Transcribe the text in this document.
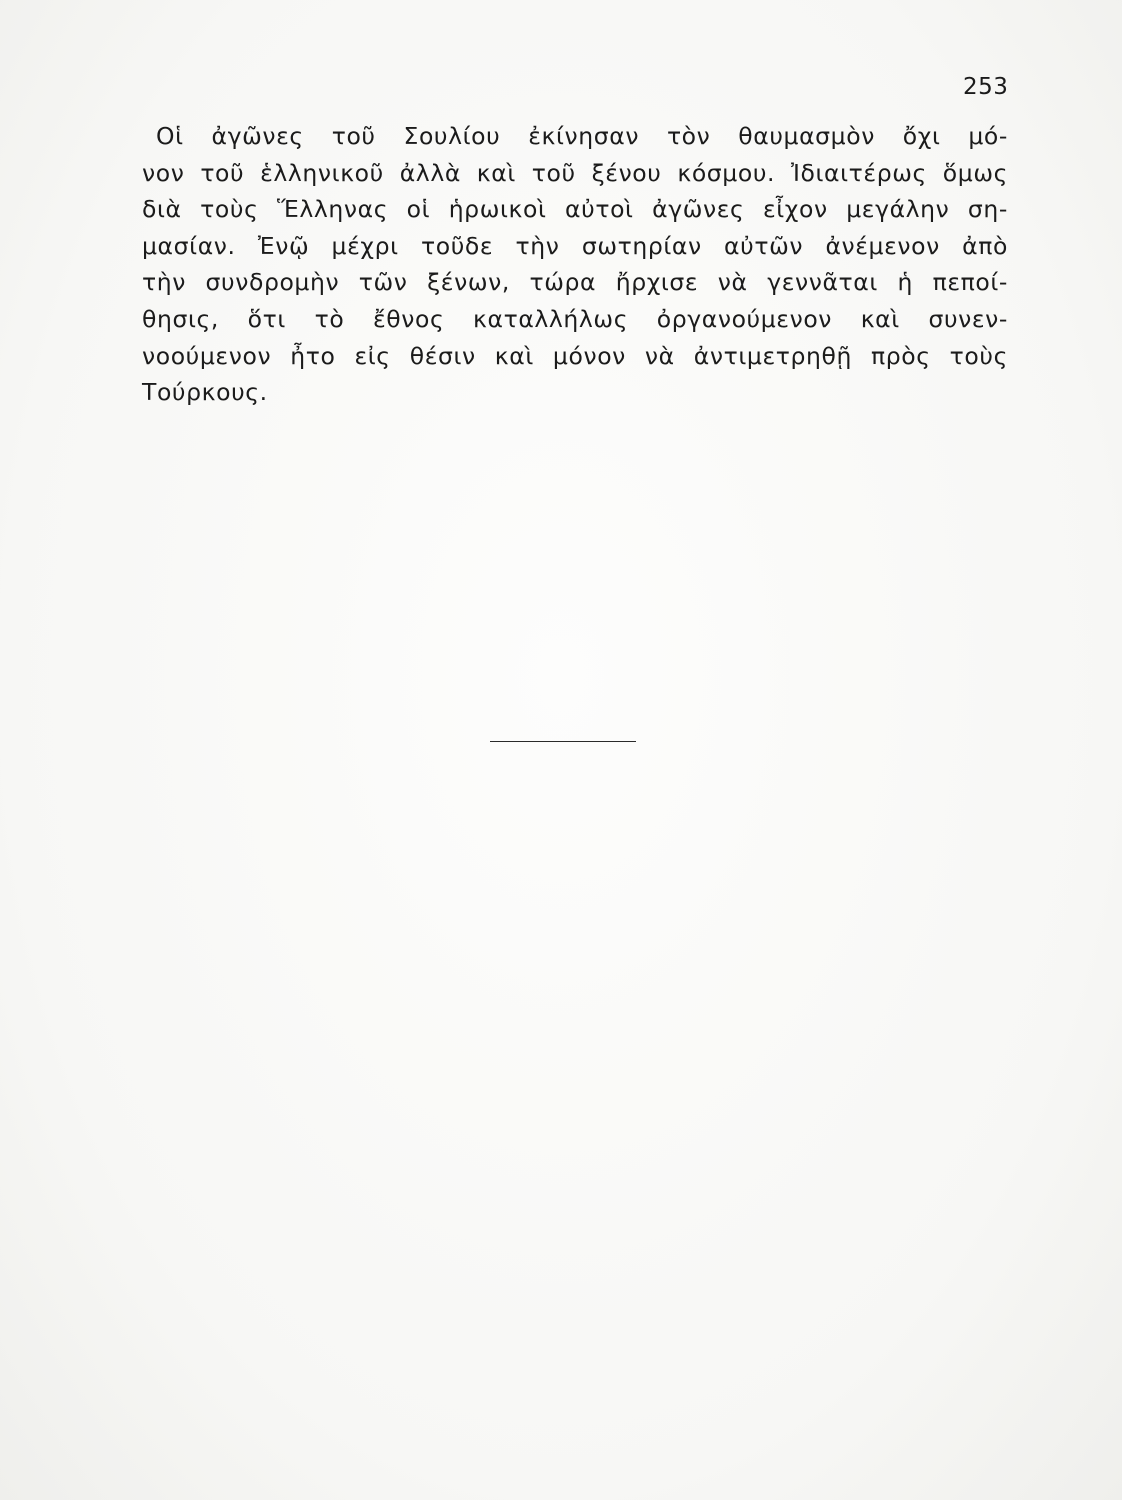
253
Οἱ ἀγῶνες τοῦ Σουλίου ἐκίνησαν τὸν θαυμασμὸν ὄχι μό-
νον τοῦ ἑλληνικοῦ ἀλλὰ καὶ τοῦ ξένου κόσμου. Ἰδιαιτέρως ὅμως
διὰ τοὺς Ἕλληνας οἱ ἡρωικοὶ αὐτοὶ ἀγῶνες εἶχον μεγάλην ση-
μασίαν. Ἐνῷ μέχρι τοῦδε τὴν σωτηρίαν αὐτῶν ἀνέμενον ἀπὸ
τὴν συνδρομὴν τῶν ξένων, τώρα ἤρχισε νὰ γεννᾶται ἡ πεποί-
θησις, ὅτι τὸ ἔθνος καταλλήλως ὀργανούμενον καὶ συνεν-
νοούμενον ἦτο εἰς θέσιν καὶ μόνον νὰ ἀντιμετρηθῇ πρὸς τοὺς
Τούρκους.
